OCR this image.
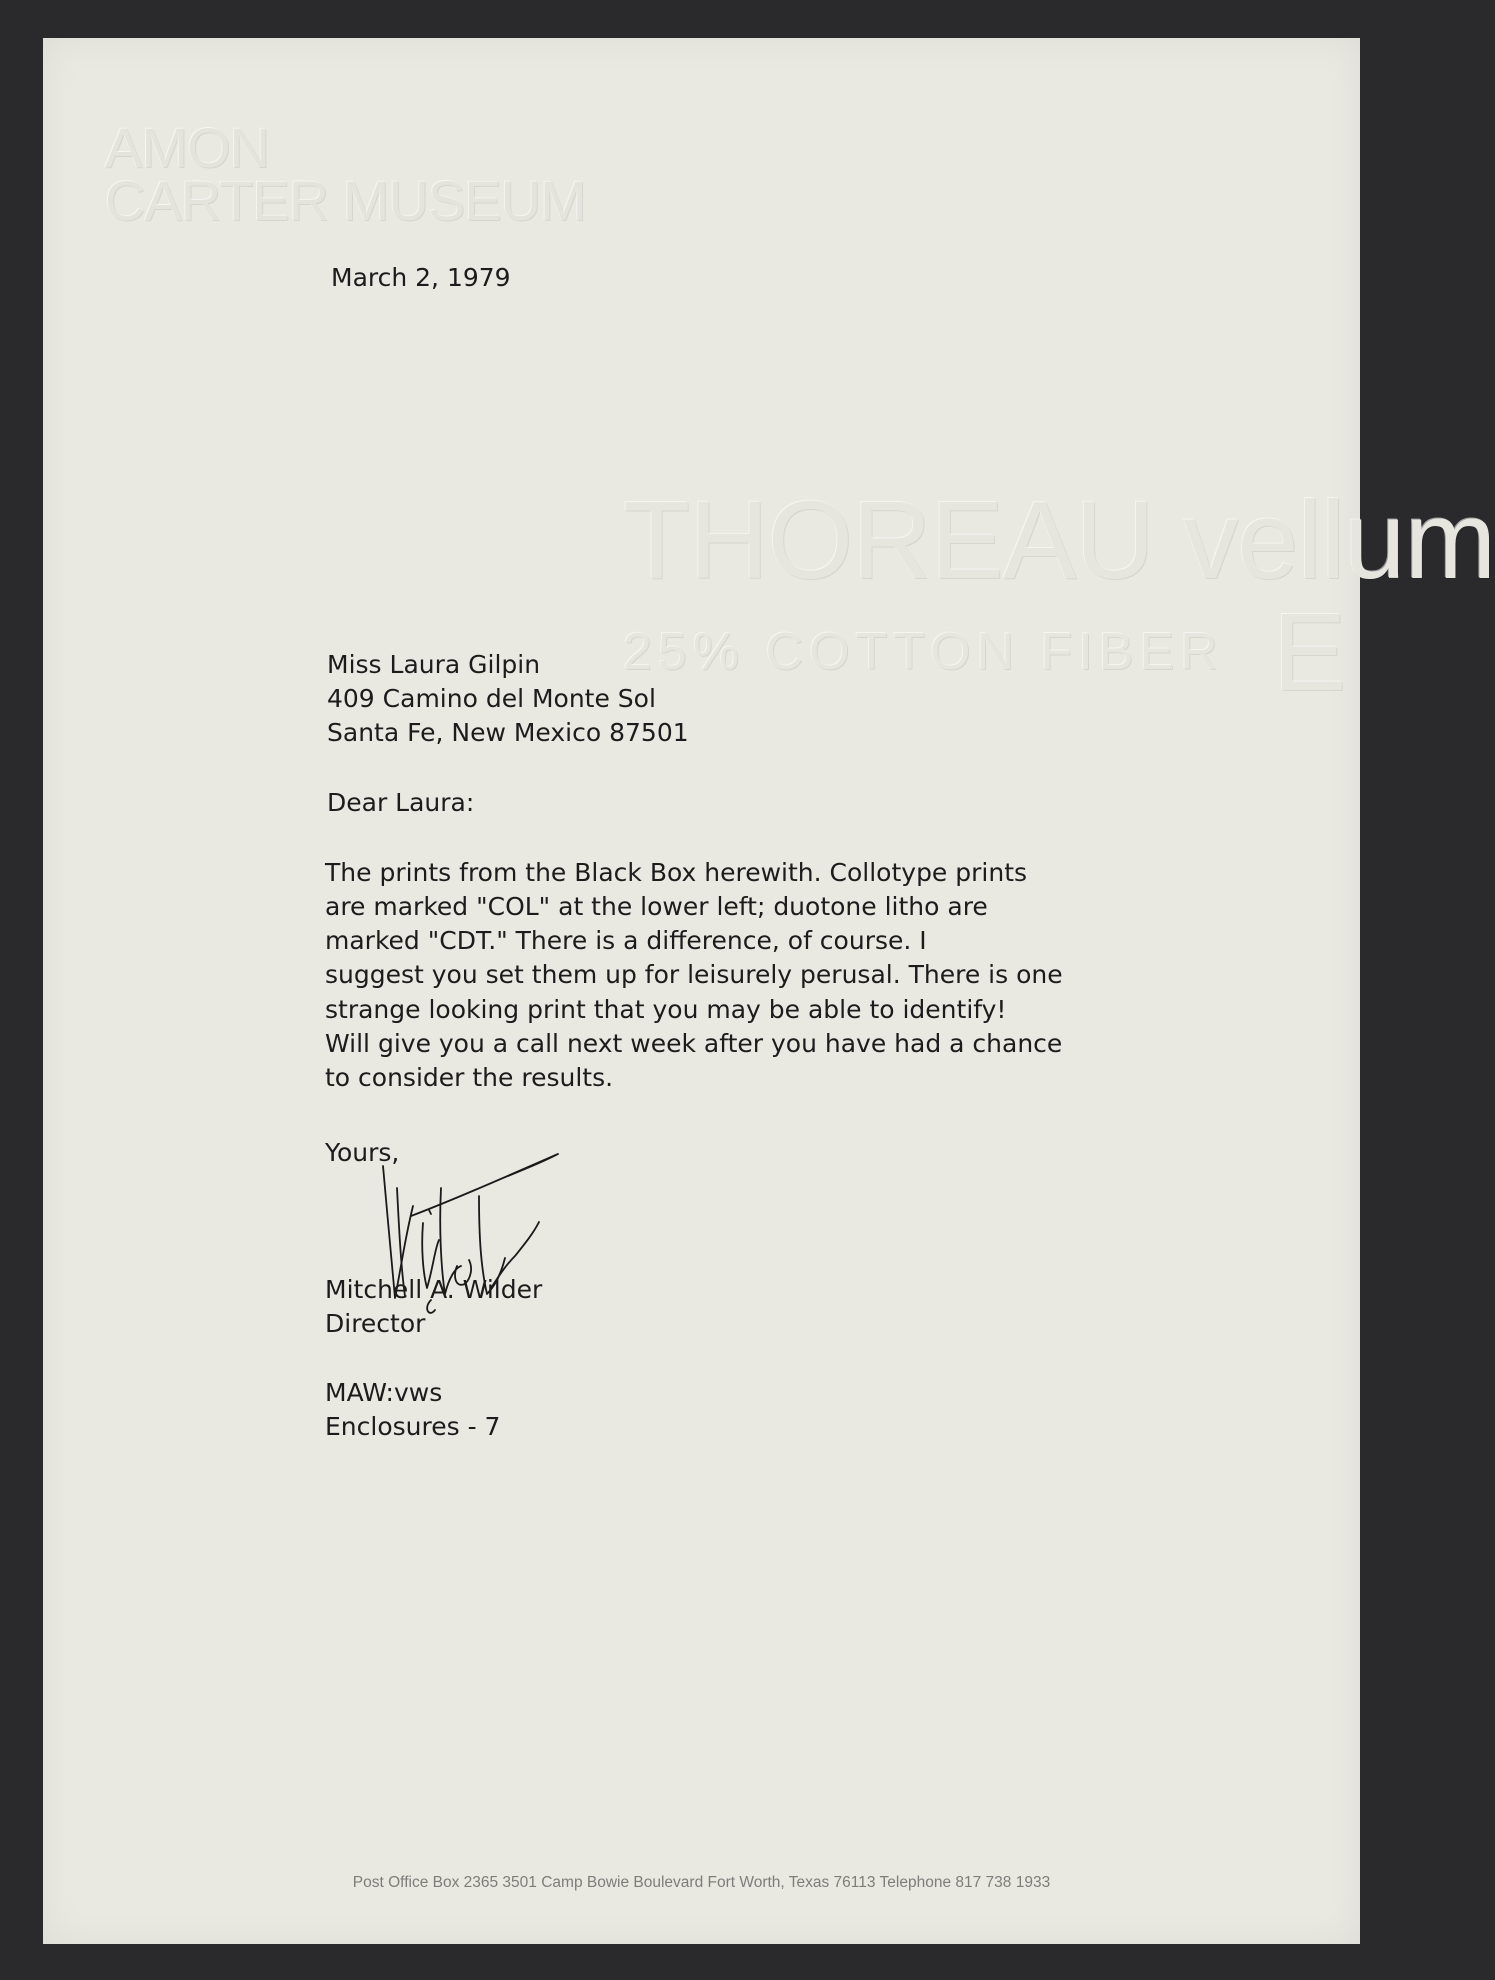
AMON
CARTER MUSEUM
THOREAU vellum
25% COTTON FIBER E

March 2, 1979

Miss Laura Gilpin

409 Camino del Monte Sol

Santa Fe, New Mexico 87501

Dear Laura:

The prints from the Black Box herewith. Collotype prints

are marked "COL" at the lower left; duotone litho are

marked "CDT." There is a difference, of course. I

suggest you set them up for leisurely perusal. There is one

strange looking print that you may be able to identify!

Will give you a call next week after you have had a chance

to consider the results.

Yours,

Mitchell A. Wilder

Director

MAW:vws

Enclosures - 7

Post Office Box 2365 3501 Camp Bowie Boulevard Fort Worth, Texas 76113 Telephone 817 738 1933
